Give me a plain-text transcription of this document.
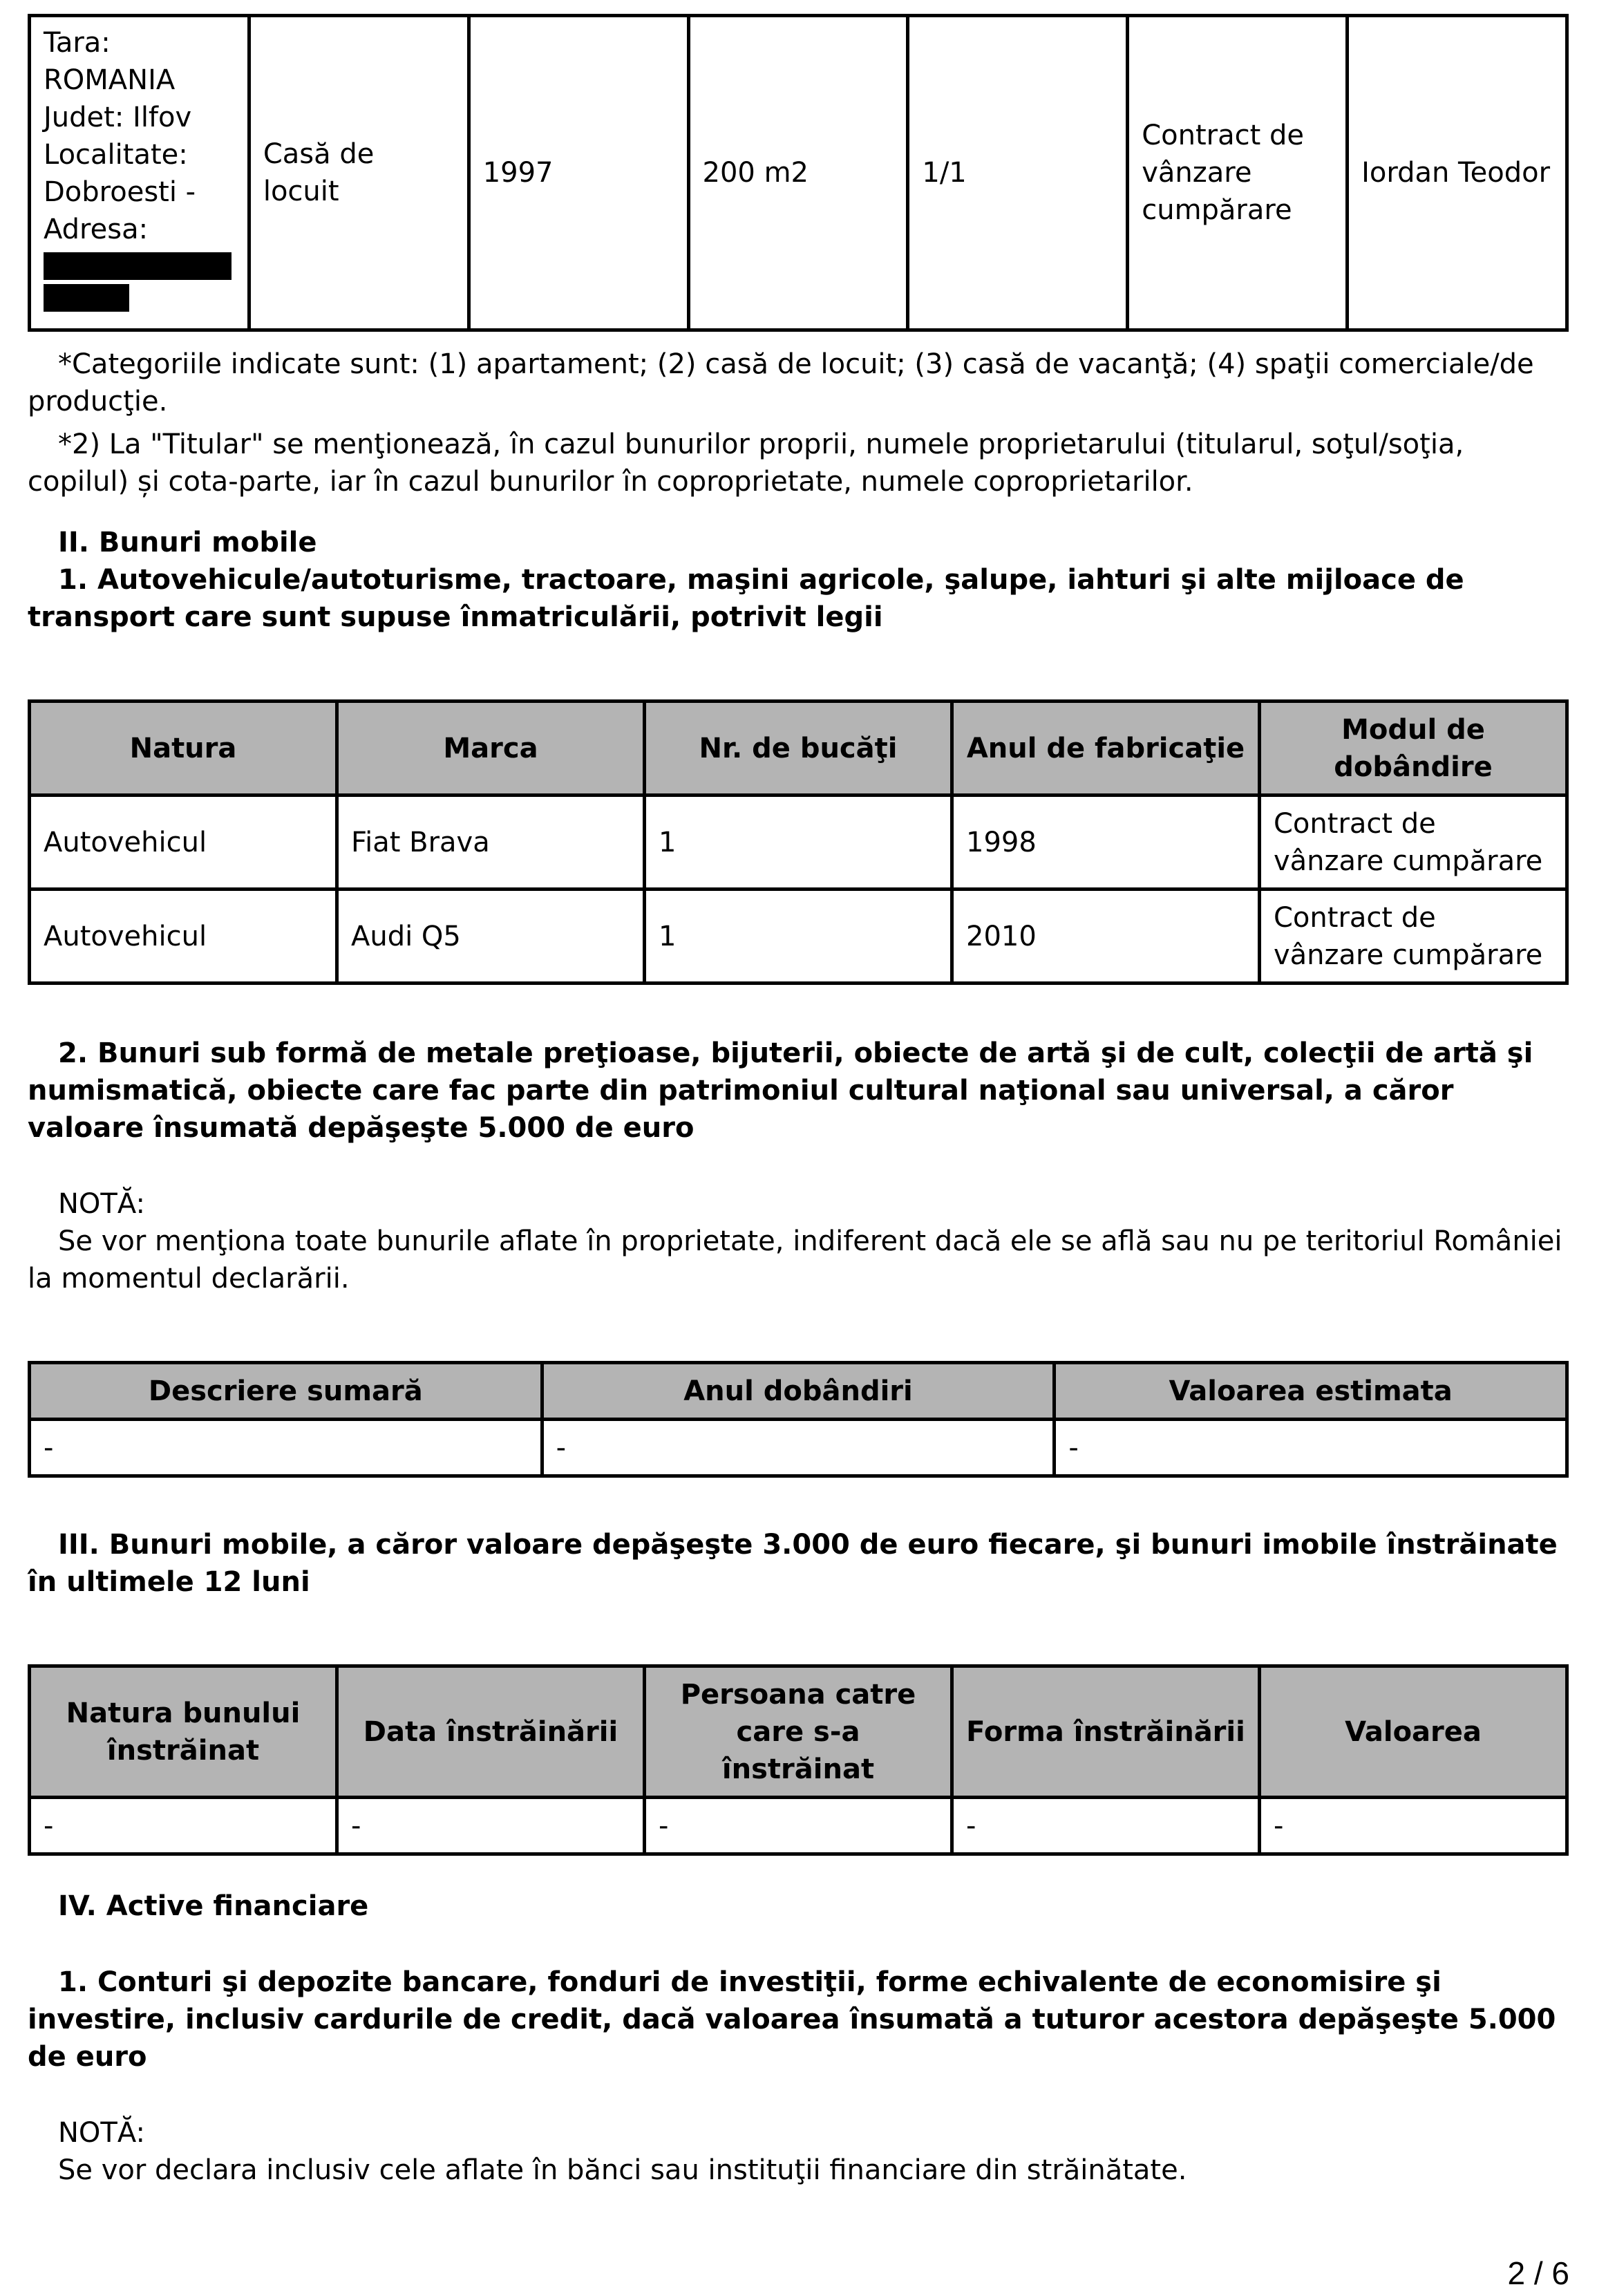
Tara:
ROMANIA
Judet: Ilfov
Localitate:
Dobroesti -
Adresa:
	Casă de locuit	1997	200 m2	1/1	Contract de vânzare cumpărare	Iordan Teodor

*Categoriile indicate sunt: (1) apartament; (2) casă de locuit; (3) casă de vacanţă; (4) spaţii comerciale/de producţie.

*2) La "Titular" se menţionează, în cazul bunurilor proprii, numele proprietarului (titularul, soţul/soţia, copilul) și cota-parte, iar în cazul bunurilor în coproprietate, numele coproprietarilor.

II. Bunuri mobile

1. Autovehicule/autoturisme, tractoare, maşini agricole, şalupe, iahturi şi alte mijloace de transport care sunt supuse înmatriculării, potrivit legii

Natura	Marca	Nr. de bucăţi	Anul de fabricaţie	Modul de dobândire
Autovehicul	Fiat Brava	1	1998	Contract de vânzare cumpărare
Autovehicul	Audi Q5	1	2010	Contract de vânzare cumpărare

2. Bunuri sub formă de metale preţioase, bijuterii, obiecte de artă şi de cult, colecţii de artă şi numismatică, obiecte care fac parte din patrimoniul cultural naţional sau universal, a căror valoare însumată depăşeşte 5.000 de euro

NOTĂ:

Se vor menţiona toate bunurile aflate în proprietate, indiferent dacă ele se află sau nu pe teritoriul României la momentul declarării.

Descriere sumară	Anul dobândiri	Valoarea estimata
-	-	-

III. Bunuri mobile, a căror valoare depăşeşte 3.000 de euro fiecare, şi bunuri imobile înstrăinate în ultimele 12 luni

Natura bunului înstrăinat	Data înstrăinării	Persoana catre care s-a înstrăinat	Forma înstrăinării	Valoarea
-	-	-	-	-

IV. Active financiare

1. Conturi şi depozite bancare, fonduri de investiţii, forme echivalente de economisire şi investire, inclusiv cardurile de credit, dacă valoarea însumată a tuturor acestora depăşeşte 5.000 de euro

NOTĂ:

Se vor declara inclusiv cele aflate în bănci sau instituţii financiare din străinătate.

2 / 6
